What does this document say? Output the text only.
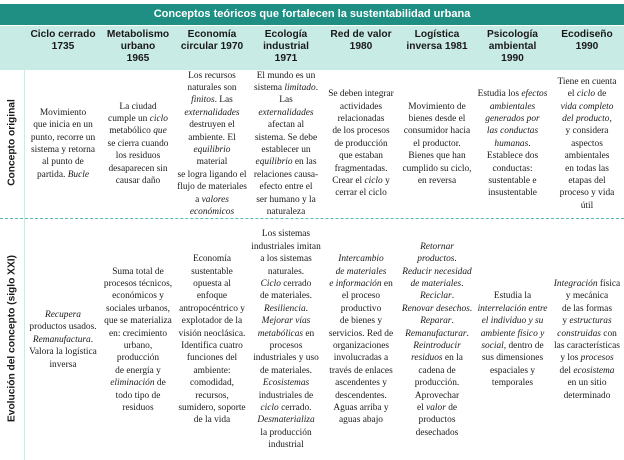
Conceptos teóricos que fortalecen la sustentabilidad urbana
Ciclo cerrado
1735
Metabolismo
urbano
1965
Economía
circular 1970
Ecología
industrial
1971
Red de valor
1980
Logística
inversa 1981
Psicología
ambiental
1990
Ecodiseño
1990
Concepto original Movimiento

que inicia en un

punto, recorre un

sistema y retorna

al punto de

partida. Bucle

La ciudad

cumple un ciclo

metabólico que

se cierra cuando

los residuos

desaparecen sin

causar daño

Los recursos

naturales son

finitos. Las

externalidades

destruyen el

ambiente. El

equilibrio material

se logra ligando el

flujo de materiales

a valores

económicos

El mundo es un

sistema limitado.

Las externalidades

afectan al

sistema. Se debe

establecer un

equilibrio en las

relaciones causa-

efecto entre el

ser humano y la

naturaleza

Se deben integrar

actividades

relacionadas

de los procesos

de producción

que estaban

fragmentadas.

Crear el ciclo y

cerrar el ciclo

Movimiento de

bienes desde el

consumidor hacia

el productor.

Bienes que han

cumplido su ciclo,

en reversa

Estudia los efectos

ambientales

generados por

las conductas

humanas.

Establece dos

conductas:

sustentable e

insustentable

Tiene en cuenta

el ciclo de

vida completo

del producto,

y considera

aspectos

ambientales

en todas las

etapas del

proceso y vida

útil

Evolución del concepto (siglo XXI)	Recupera

productos usados.

Remanufactura.

Valora la logística

inversa

Suma total de

procesos técnicos,

económicos y

sociales urbanos,

que se materializa

en: crecimiento

urbano,

producción

de energía y

eliminación de

todo tipo de

residuos

Economía

sustentable

opuesta al

enfoque

antropocéntrico y

explotador de la

visión neoclásica.

Identifica cuatro

funciones del

ambiente:

comodidad,

recursos,

sumidero, soporte

de la vida

Los sistemas

industriales imitan

a los sistemas

naturales.

Ciclo cerrado

de materiales.

Resiliencia.

Mejorar vías

metabólicas en

procesos

industriales y uso

de materiales.

Ecosistemas

industriales de

ciclo cerrado.

Desmaterializa

la producción

industrial

Intercambio

de materiales

e información en

el proceso

productivo

de bienes y

servicios. Red de

organizaciones

involucradas a

través de enlaces

ascendentes y

descendentes.

Aguas arriba y

aguas abajo

Retornar

productos.

Reducir necesidad

de materiales.

Reciclar.

Renovar desechos.

Reparar.

Remanufacturar.

Reintroducir

residuos en la

cadena de

producción.

Aprovechar

el valor de

productos

desechados

Estudia la

interrelación entre

el individuo y su

ambiente físico y

social, dentro de

sus dimensiones

espaciales y

temporales

Integración física

y mecánica

de las formas

y estructuras

construidas con

las características

y los procesos

del ecosistema

en un sitio

determinado
